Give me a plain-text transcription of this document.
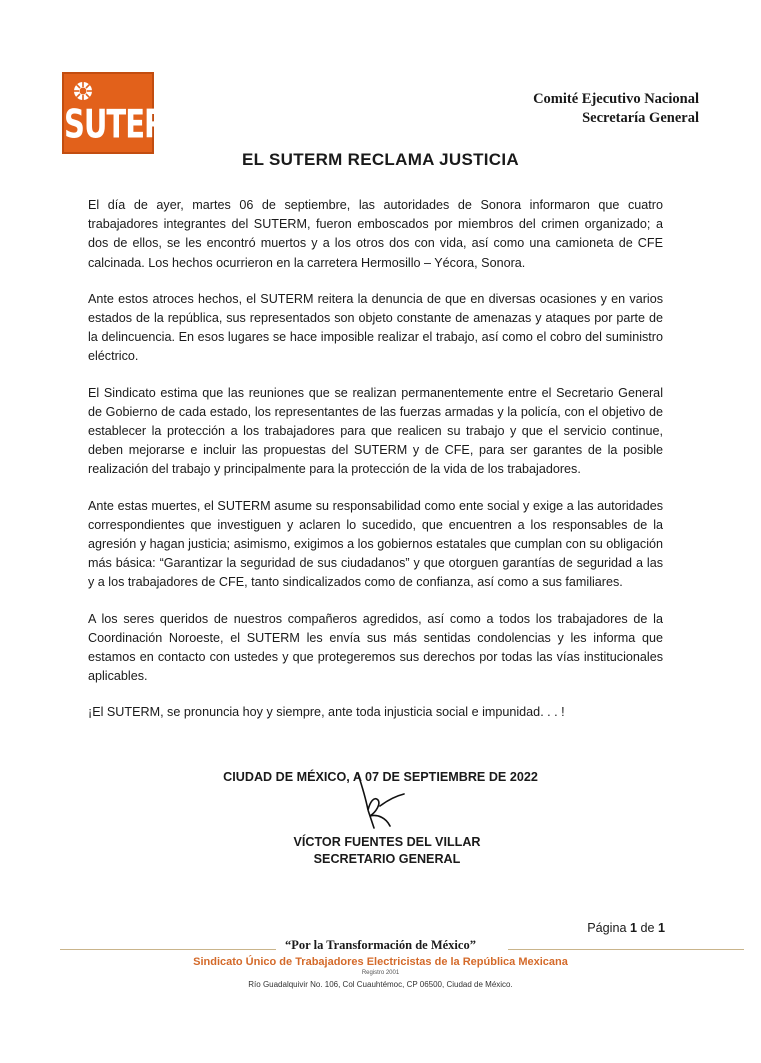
SUTERM
Comité Ejecutivo Nacional
Secretaría General
EL SUTERM RECLAMA JUSTICIA

El día de ayer, martes 06 de septiembre, las autoridades de Sonora informaron que cuatro trabajadores integrantes del SUTERM, fueron emboscados por miembros del crimen organizado; a dos de ellos, se les encontró muertos y a los otros dos con vida, así como una camioneta de CFE calcinada. Los hechos ocurrieron en la carretera Hermosillo – Yécora, Sonora.

Ante estos atroces hechos, el SUTERM reitera la denuncia de que en diversas ocasiones y en varios estados de la república, sus representados son objeto constante de amenazas y ataques por parte de la delincuencia. En esos lugares se hace imposible realizar el trabajo, así como el cobro del suministro eléctrico.

El Sindicato estima que las reuniones que se realizan permanentemente entre el Secretario General de Gobierno de cada estado, los representantes de las fuerzas armadas y la policía, con el objetivo de establecer la protección a los trabajadores para que realicen su trabajo y que el servicio continue, deben mejorarse e incluir las propuestas del SUTERM y de CFE, para ser garantes de la posible realización del trabajo y principalmente para la protección de la vida de los trabajadores.

Ante estas muertes, el SUTERM asume su responsabilidad como ente social y exige a las autoridades correspondientes que investiguen y aclaren lo sucedido, que encuentren a los responsables de la agresión y hagan justicia; asimismo, exigimos a los gobiernos estatales que cumplan con su obligación más básica: “Garantizar la seguridad de sus ciudadanos” y que otorguen garantías de seguridad a las y a los trabajadores de CFE, tanto sindicalizados como de confianza, así como a sus familiares.

A los seres queridos de nuestros compañeros agredidos, así como a todos los trabajadores de la Coordinación Noroeste, el SUTERM les envía sus más sentidas condolencias y les informa que estamos en contacto con ustedes y que protegeremos sus derechos por todas las vías institucionales aplicables.

¡El SUTERM, se pronuncia hoy y siempre, ante toda injusticia social e impunidad. . . !

CIUDAD DE MÉXICO, A 07 DE SEPTIEMBRE DE 2022
VÍCTOR FUENTES DEL VILLAR
SECRETARIO GENERAL
Página 1 de 1
“Por la Transformación de México”
Sindicato Único de Trabajadores Electricistas de la República Mexicana
Registro 2001
Río Guadalquivir No. 106, Col Cuauhtémoc, CP 06500, Ciudad de México.
